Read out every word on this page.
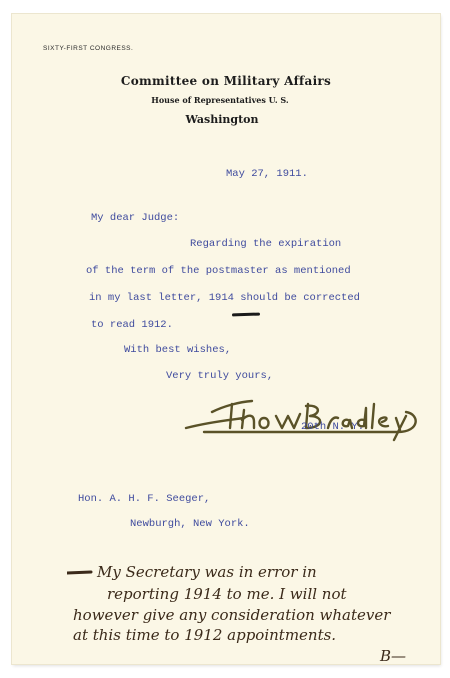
SIXTY-FIRST CONGRESS.
Committee on Military Affairs
House of Representatives U. S.
Washington
May 27, 1911.
My dear Judge:
Regarding the expiration
of the term of the postmaster as mentioned
in my last letter, 1914 should be corrected
to read 1912.
With best wishes,
Very truly yours,
20th N. Y.
Hon. A. H. F. Seeger,
Newburgh, New York.
My Secretary was in error in
reporting 1914 to me. I will not
however give any consideration whatever
at this time to 1912 appointments.
B—
